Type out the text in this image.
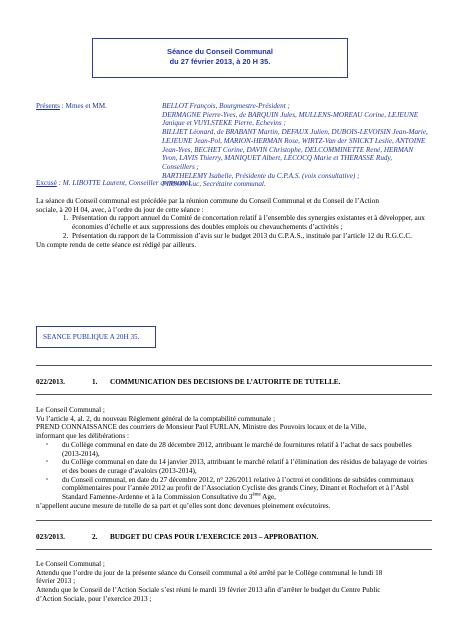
Séance du Conseil Communal
du 27 février 2013, à 20 H 35.
Présents : Mmes et MM.	BELLOT François, Bourgmestre-Président ;
DERMAGNE Pierre-Yves, de BARQUIN Jules, MULLENS-MOREAU Corine, LEJEUNE
Janique et VUYLSTEKE Pierre, Echevins ;
BILLIET Léonard, de BRABANT Martin, DEFAUX Julien, DUBOIS-LEVOISIN Jean-Marie,
LEJEUNE Jean-Pol, MARION-HERMAN Rose, WIRTZ-Van der SNICKT Leslie, ANTOINE
Jean-Yves, BECHET Corine, DAVIN Christophe, DELCOMMINETTE René, HERMAN
Yvon, LAVIS Thierry, MANIQUET Albert, LECOCQ Marie et THERASSE Rudy,
Conseillers ;
BARTHELEMY Isabelle, Présidente du C.P.A.S. (voix consultative) ;
PIRSON Luc, Secrétaire communal.
Excusé : M. LIBOTTE Laurent, Conseiller communal.
La séance du Conseil communal est précédée par la réunion commune du Conseil Communal et du Conseil de l’Action
sociale, à 20 H 04, avec, à l’ordre du jour de cette séance :
1. Présentation du rapport annuel du Comité de concertation relatif à l’ensemble des synergies existantes et à développer, aux économies d’échelle et aux suppressions des doubles emplois ou chevauchements d’activités ;
2. Présentation du rapport de la Commission d’avis sur le budget 2013 du C.P.A.S., instituée par l’article 12 du R.G.C.C.
Un compte rendu de cette séance est rédigé par ailleurs.
SEANCE PUBLIQUE A 20H 35.
022/2013.	1. COMMUNICATION DES DECISIONS DE L’AUTORITE DE TUTELLE.
Le Conseil Communal ;
Vu l’article 4, al. 2, du nouveau Règlement général de la comptabilité communale ;
PREND CONNAISSANCE des courriers de Monsieur Paul FURLAN, Ministre des Pouvoirs locaux et de la Ville,
informant que les délibérations :
▫ du Collège communal en date du 28 décembre 2012, attribuant le marché de fournitures relatif à l’achat de sacs poubelles (2013-2014),
▫ du Collège communal en date du 14 janvier 2013, attribuant le marché relatif à l’élimination des résidus de balayage de voiries et des boues de curage d’avaloirs (2013-2014),
▫ du Conseil communal, en date du 27 décembre 2012, n° 226/2011 relative à l’octroi et conditions de subsides communaux complémentaires pour l’année 2012 au profit de l’Association Cycliste des grands Ciney, Dinant et Rochefort et à l’Asbl Standard Famenne-Ardenne et à la Commission Consultative du 3ème Age,
n’appellent aucune mesure de tutelle de sa part et qu’elles sont donc devenues pleinement exécutoires.
023/2013.	2. BUDGET DU CPAS POUR L’EXERCICE 2013 – APPROBATION.
Le Conseil Communal ;
Attendu que l’ordre du jour de la présente séance du Conseil communal a été arrêté par le Collège communal le lundi 18
février 2013 ;
Attendu que le Conseil de l’Action Sociale s’est réuni le mardi 19 février 2013 afin d’arrêter le budget du Centre Public
d’Action Sociale, pour l’exercice 2013 ;
